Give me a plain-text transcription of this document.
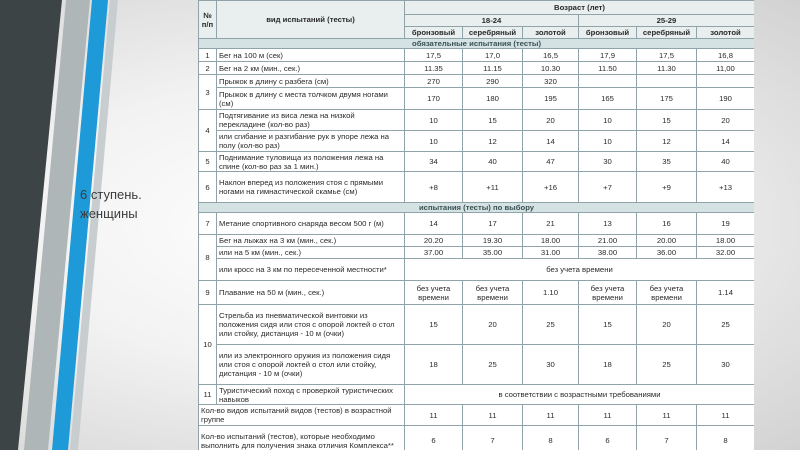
6 ступень. женщины
№ п/п	вид испытаний (тесты)	Возраст (лет)					
		18-24			25-29		
		бронзовый	серебряный	золотой	бронзовый	серебряный	золотой
обязательные испытания (тесты)							
1	Бег на 100 м (сек)	17,5	17,0	16,5	17,9	17,5	16,8
2	Бег на 2 км (мин., сек.)	11.35	11.15	10.30	11.50	11.30	11,00
3	Прыжок в длину с разбега (см)	270	290	320			
	Прыжок в длину с места толчком двумя ногами (см)	170	180	195	165	175	190
4	Подтягивание из виса лежа на низкой перекладине (кол-во раз)	10	15	20	10	15	20
	или сгибание и разгибание рук в упоре лежа на полу (кол-во раз)	10	12	14	10	12	14
5	Поднимание туловища из положения лежа на спине (кол-во раз за 1 мин.)	34	40	47	30	35	40
6	Наклон вперед из положения стоя с прямыми ногами на гимнастической скамье (см)	+8	+11	+16	+7	+9	+13
испытания (тесты) по выбору							
7	Метание спортивного снаряда весом 500 г (м)	14	17	21	13	16	19
8	Бег на лыжах на 3 км (мин., сек.)	20.20	19.30	18.00	21.00	20.00	18.00
	или на 5 км (мин., сек.)	37.00	35.00	31.00	38.00	36.00	32.00
	или кросс на 3 км по пересеченной местности*	без учета времени					
9	Плавание на 50 м (мин., сек.)	без учета времени	без учета времени	1.10	без учета времени	без учета времени	1.14
10	Стрельба из пневматической винтовки из положения сидя или стоя с опорой локтей о стол или стойку, дистанция - 10 м (очки)	15	20	25	15	20	25
	или из электронного оружия из положения сидя или стоя с опорой локтей о стол или стойку, дистанция - 10 м (очки)	18	25	30	18	25	30
11	Туристический поход с проверкой туристических навыков	в соответствии с возрастными требованиями					
Кол-во видов испытаний видов (тестов) в возрастной группе		11	11	11	11	11	11
Кол-во испытаний (тестов), которые необходимо выполнить для получения знака отличия Комплекса**		6	7	8	6	7	8
